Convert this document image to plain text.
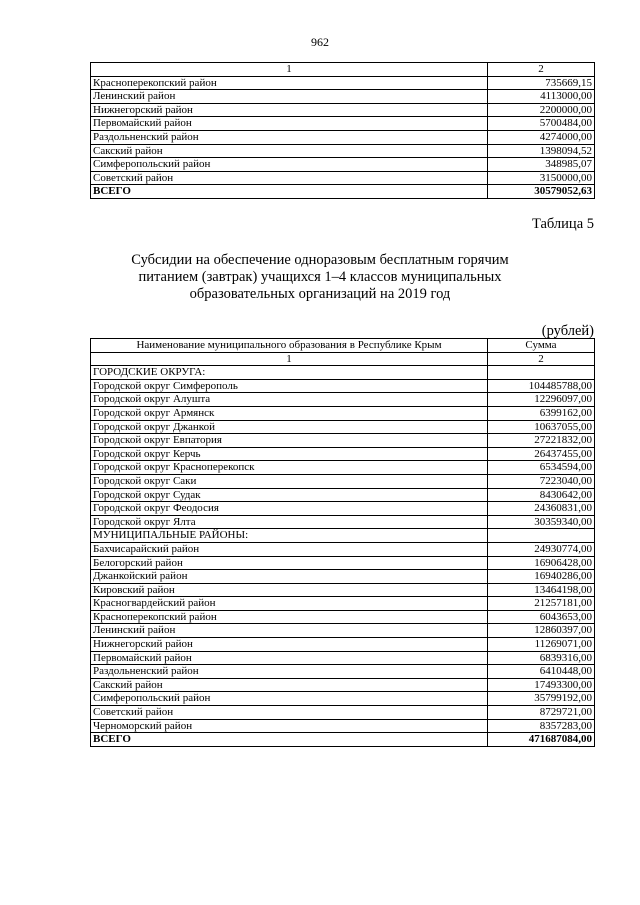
962
1	2
Красноперекопский район	735669,15
Ленинский район	4113000,00
Нижнегорский район	2200000,00
Первомайский район	5700484,00
Раздольненский район	4274000,00
Сакский район	1398094,52
Симферопольский район	348985,07
Советский район	3150000,00
ВСЕГО	30579052,63
Таблица 5
Субсидии на обеспечение одноразовым бесплатным горячим питанием (завтрак) учащихся 1–4 классов муниципальных образовательных организаций на 2019 год
(рублей)
Наименование муниципального образования в Республике Крым	Сумма
1	2
ГОРОДСКИЕ ОКРУГА:	
Городской округ Симферополь	104485788,00
Городской округ Алушта	12296097,00
Городской округ Армянск	6399162,00
Городской округ Джанкой	10637055,00
Городской округ Евпатория	27221832,00
Городской округ Керчь	26437455,00
Городской округ Красноперекопск	6534594,00
Городской округ Саки	7223040,00
Городской округ Судак	8430642,00
Городской округ Феодосия	24360831,00
Городской округ Ялта	30359340,00
МУНИЦИПАЛЬНЫЕ РАЙОНЫ:	
Бахчисарайский район	24930774,00
Белогорский район	16906428,00
Джанкойский район	16940286,00
Кировский район	13464198,00
Красногвардейский район	21257181,00
Красноперекопский район	6043653,00
Ленинский район	12860397,00
Нижнегорский район	11269071,00
Первомайский район	6839316,00
Раздольненский район	6410448,00
Сакский район	17493300,00
Симферопольский район	35799192,00
Советский район	8729721,00
Черноморский район	8357283,00
ВСЕГО	471687084,00
